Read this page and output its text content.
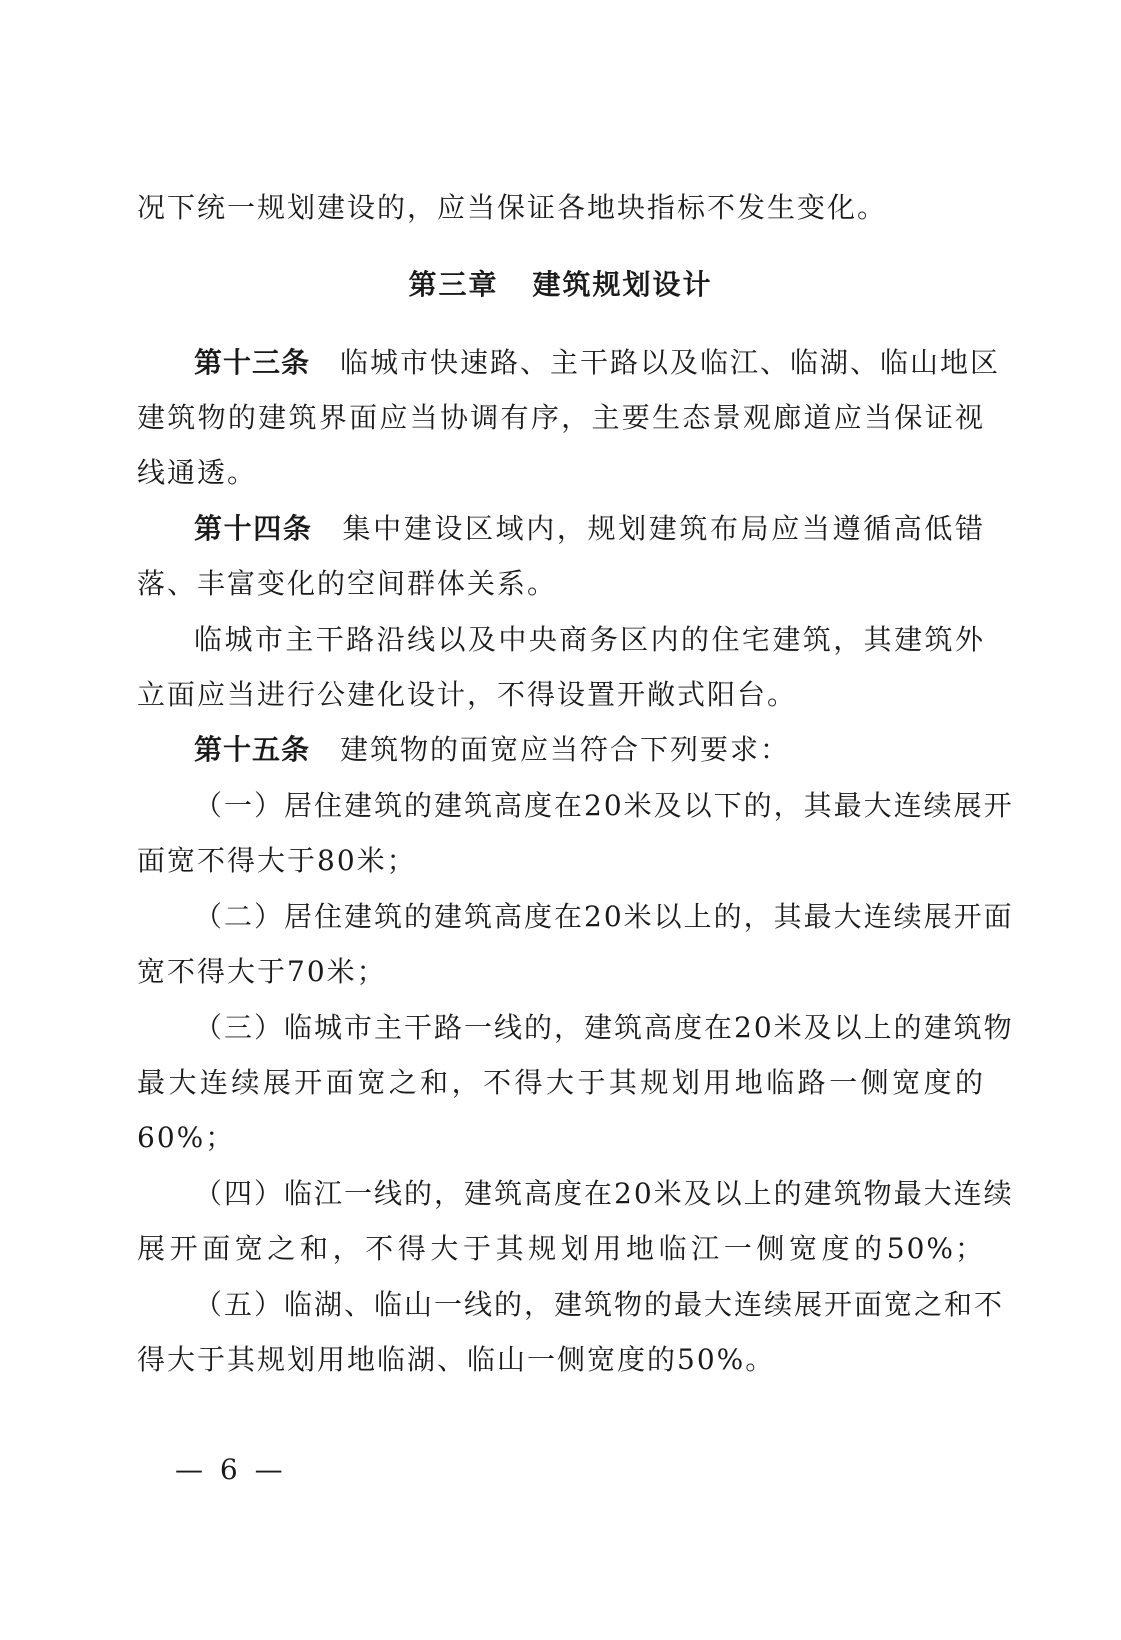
况下统一规划建设的，应当保证各地块指标不发生变化。
第三章 建筑规划设计
第十三条 临城市快速路、主干路以及临江、临湖、临山地区
建筑物的建筑界面应当协调有序，主要生态景观廊道应当保证视
线通透。
第十四条 集中建设区域内，规划建筑布局应当遵循高低错
落、丰富变化的空间群体关系。
临城市主干路沿线以及中央商务区内的住宅建筑，其建筑外
立面应当进行公建化设计，不得设置开敞式阳台。
第十五条 建筑物的面宽应当符合下列要求：
（一）居住建筑的建筑高度在20米及以下的，其最大连续展开
面宽不得大于80米；
（二）居住建筑的建筑高度在20米以上的，其最大连续展开面
宽不得大于70米；
（三）临城市主干路一线的，建筑高度在20米及以上的建筑物
最大连续展开面宽之和，不得大于其规划用地临路一侧宽度的
60%；
（四）临江一线的，建筑高度在20米及以上的建筑物最大连续
展开面宽之和，不得大于其规划用地临江一侧宽度的50%；
（五）临湖、临山一线的，建筑物的最大连续展开面宽之和不
得大于其规划用地临湖、临山一侧宽度的50%。
— 6 —
